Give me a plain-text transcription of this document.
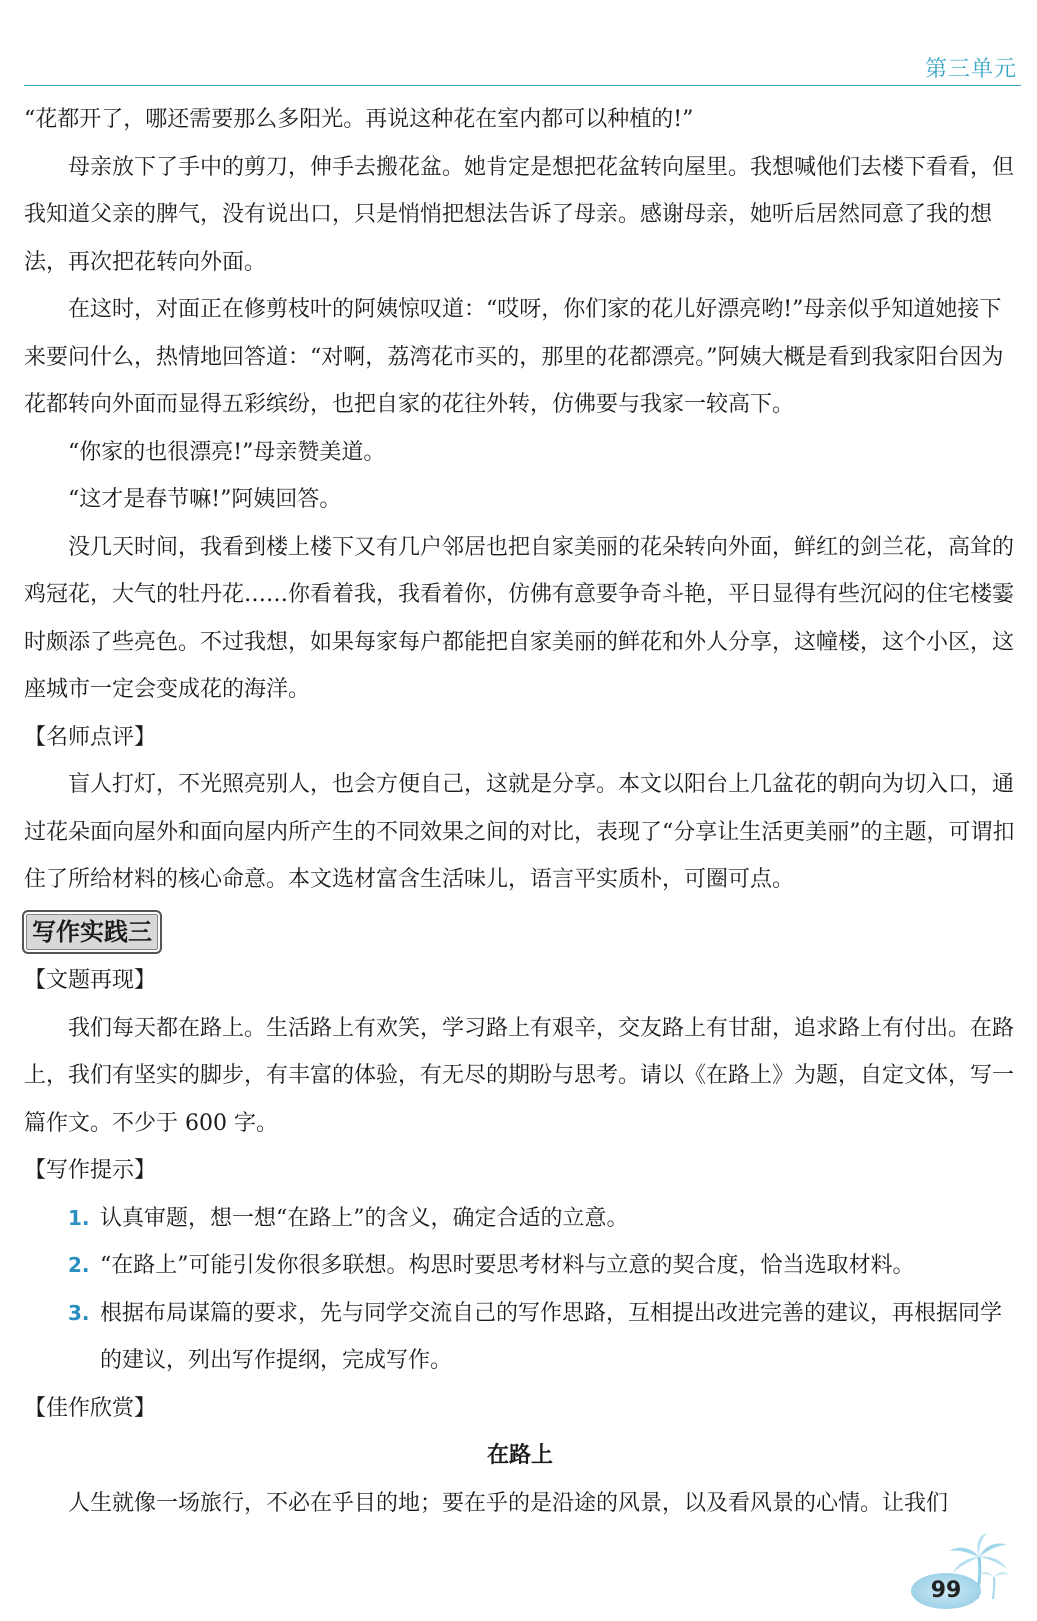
第三单元

“花都开了，哪还需要那么多阳光。再说这种花在室内都可以种植的!”

母亲放下了手中的剪刀，伸手去搬花盆。她肯定是想把花盆转向屋里。我想喊他们去楼下看看，但我知道父亲的脾气，没有说出口，只是悄悄把想法告诉了母亲。感谢母亲，她听后居然同意了我的想法，再次把花转向外面。

在这时，对面正在修剪枝叶的阿姨惊叹道：“哎呀，你们家的花儿好漂亮哟!”母亲似乎知道她接下来要问什么，热情地回答道：“对啊，荔湾花市买的，那里的花都漂亮。”阿姨大概是看到我家阳台因为花都转向外面而显得五彩缤纷，也把自家的花往外转，仿佛要与我家一较高下。

“你家的也很漂亮!”母亲赞美道。

“这才是春节嘛!”阿姨回答。

没几天时间，我看到楼上楼下又有几户邻居也把自家美丽的花朵转向外面，鲜红的剑兰花，高耸的鸡冠花，大气的牡丹花……你看着我，我看着你，仿佛有意要争奇斗艳，平日显得有些沉闷的住宅楼霎时颇添了些亮色。不过我想，如果每家每户都能把自家美丽的鲜花和外人分享，这幢楼，这个小区，这座城市一定会变成花的海洋。

【名师点评】

盲人打灯，不光照亮别人，也会方便自己，这就是分享。本文以阳台上几盆花的朝向为切入口，通过花朵面向屋外和面向屋内所产生的不同效果之间的对比，表现了“分享让生活更美丽”的主题，可谓扣住了所给材料的核心命意。本文选材富含生活味儿，语言平实质朴，可圈可点。

写作实践三

【文题再现】

我们每天都在路上。生活路上有欢笑，学习路上有艰辛，交友路上有甘甜，追求路上有付出。在路上，我们有坚实的脚步，有丰富的体验，有无尽的期盼与思考。请以《在路上》为题，自定文体，写一篇作文。不少于 600 字。

【写作提示】

1. 认真审题，想一想“在路上”的含义，确定合适的立意。
2. “在路上”可能引发你很多联想。构思时要思考材料与立意的契合度，恰当选取材料。
3. 根据布局谋篇的要求，先与同学交流自己的写作思路，互相提出改进完善的建议，再根据同学的建议，列出写作提纲，完成写作。

【佳作欣赏】

在路上

人生就像一场旅行，不必在乎目的地；要在乎的是沿途的风景，以及看风景的心情。让我们

99
